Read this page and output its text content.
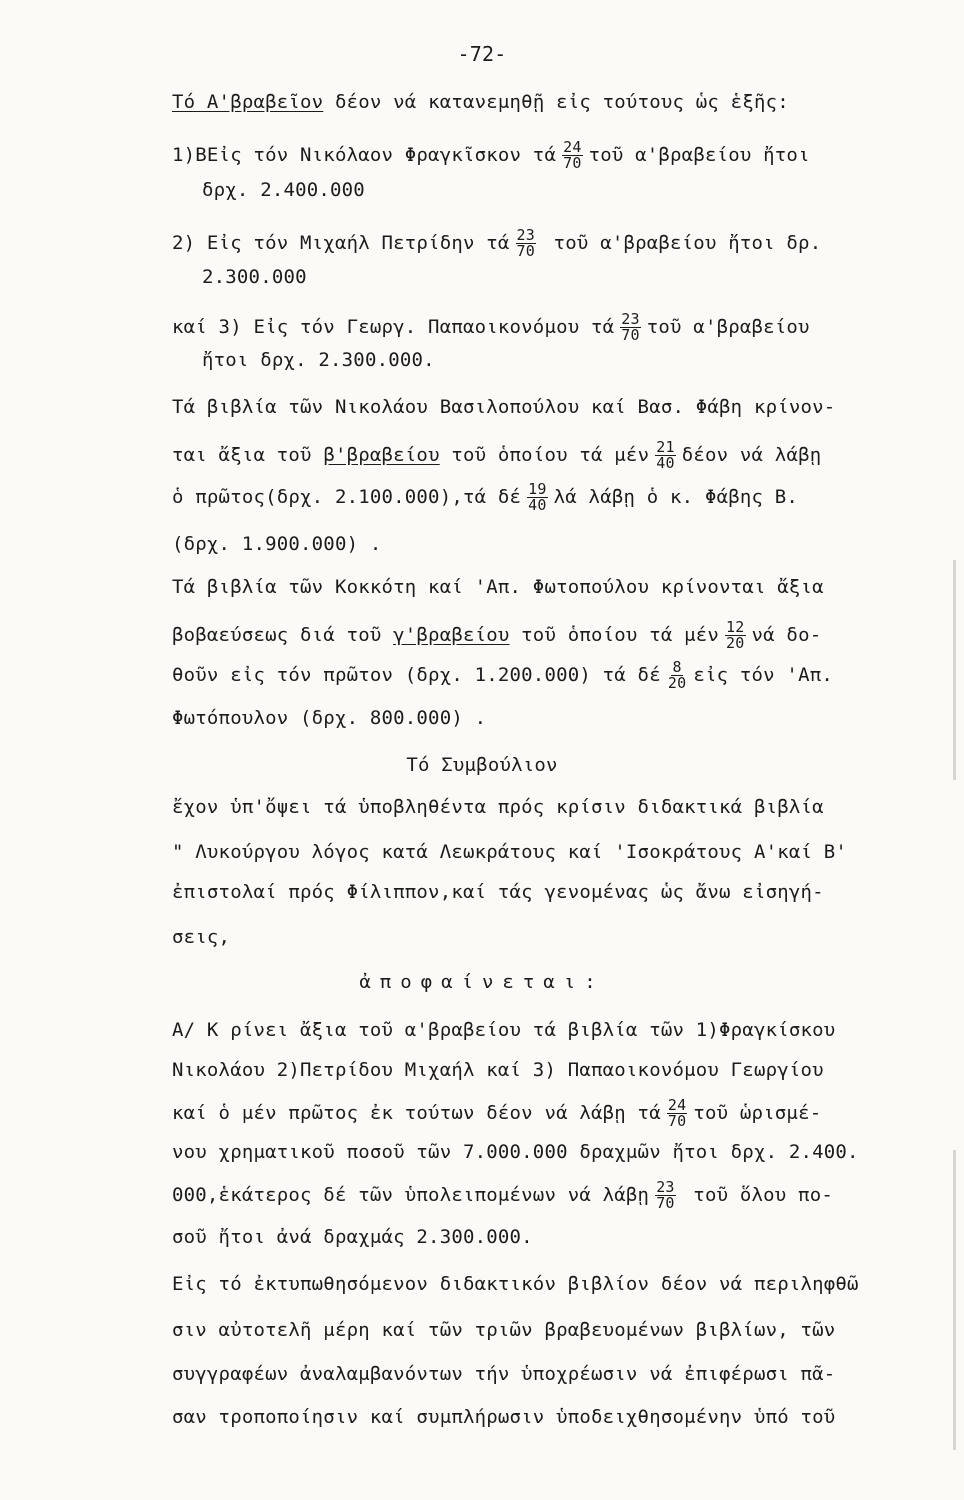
-72-
Τό Α'βραβεῖον δέον νά κατανεμηθῇ εἰς τούτους ὡς ἑξῆς:
1)ΒΕἰς τόν Νικόλαον Φραγκῖσκον τά $\frac{24}{70}$ τοῦ α'βραβείου ἤτοι
δρχ. 2.400.000
2) Εἰς τόν Μιχαήλ Πετρίδην τά $\frac{23}{70}$ τοῦ α'βραβείου ἤτοι δρ.
2.300.000
καί 3) Εἰς τόν Γεωργ. Παπαοικονόμου τά $\frac{23}{70}$ τοῦ α'βραβείου
ἤτοι δρχ. 2.300.000.
Τά βιβλία τῶν Νικολάου Βασιλοπούλου καί Βασ. Φάβη κρίνον-
ται ἄξια τοῦ β'βραβείου τοῦ ὁποίου τά μέν $\frac{21}{40}$ δέον νά λάβῃ
ὁ πρῶτος(δρχ. 2.100.000),τά δέ $\frac{19}{40}$ λά λάβῃ ὁ κ. Φάβης Β.
(δρχ. 1.900.000) .
Τά βιβλία τῶν Κοκκότη καί 'Απ. Φωτοπούλου κρίνονται ἄξια
βοβαεύσεως διά τοῦ γ'βραβείου τοῦ ὁποίου τά μέν $\frac{12}{20}$ νά δο-
θοῦν εἰς τόν πρῶτον (δρχ. 1.200.000) τά δέ $\frac{8}{20}$ εἰς τόν 'Απ.
Φωτόπουλον (δρχ. 800.000) .
Τό Συμβούλιον
ἔχον ὑπ'ὄψει τά ὑποβληθέντα πρός κρίσιν διδακτικά βιβλία
" Λυκούργου λόγος κατά Λεωκράτους καί 'Ισοκράτους Α'καί Β'
ἐπιστολαί πρός Φίλιππον,καί τάς γενομένας ὡς ἄνω εἰσηγή-
σεις,
ἀποφαίνεται:
Α/ Κ ρίνει ἄξια τοῦ α'βραβείου τά βιβλία τῶν 1)Φραγκίσκου
Νικολάου 2)Πετρίδου Μιχαήλ καί 3) Παπαοικονόμου Γεωργίου
καί ὁ μέν πρῶτος ἐκ τούτων δέον νά λάβῃ τά $\frac{24}{70}$ τοῦ ὡρισμέ-
νου χρηματικοῦ ποσοῦ τῶν 7.000.000 δραχμῶν ἤτοι δρχ. 2.400.
000,ἑκάτερος δέ τῶν ὑπολειπομένων νά λάβῃ $\frac{23}{70}$ τοῦ ὅλου πο-
σοῦ ἤτοι ἀνά δραχμάς 2.300.000.
Εἰς τό ἐκτυπωθησόμενον διδακτικόν βιβλίον δέον νά περιληφθῶ
σιν αὐτοτελῆ μέρη καί τῶν τριῶν βραβευομένων βιβλίων, τῶν
συγγραφέων ἀναλαμβανόντων τήν ὑποχρέωσιν νά ἐπιφέρωσι πᾶ-
σαν τροποποίησιν καί συμπλήρωσιν ὑποδειχθησομένην ὑπό τοῦ
